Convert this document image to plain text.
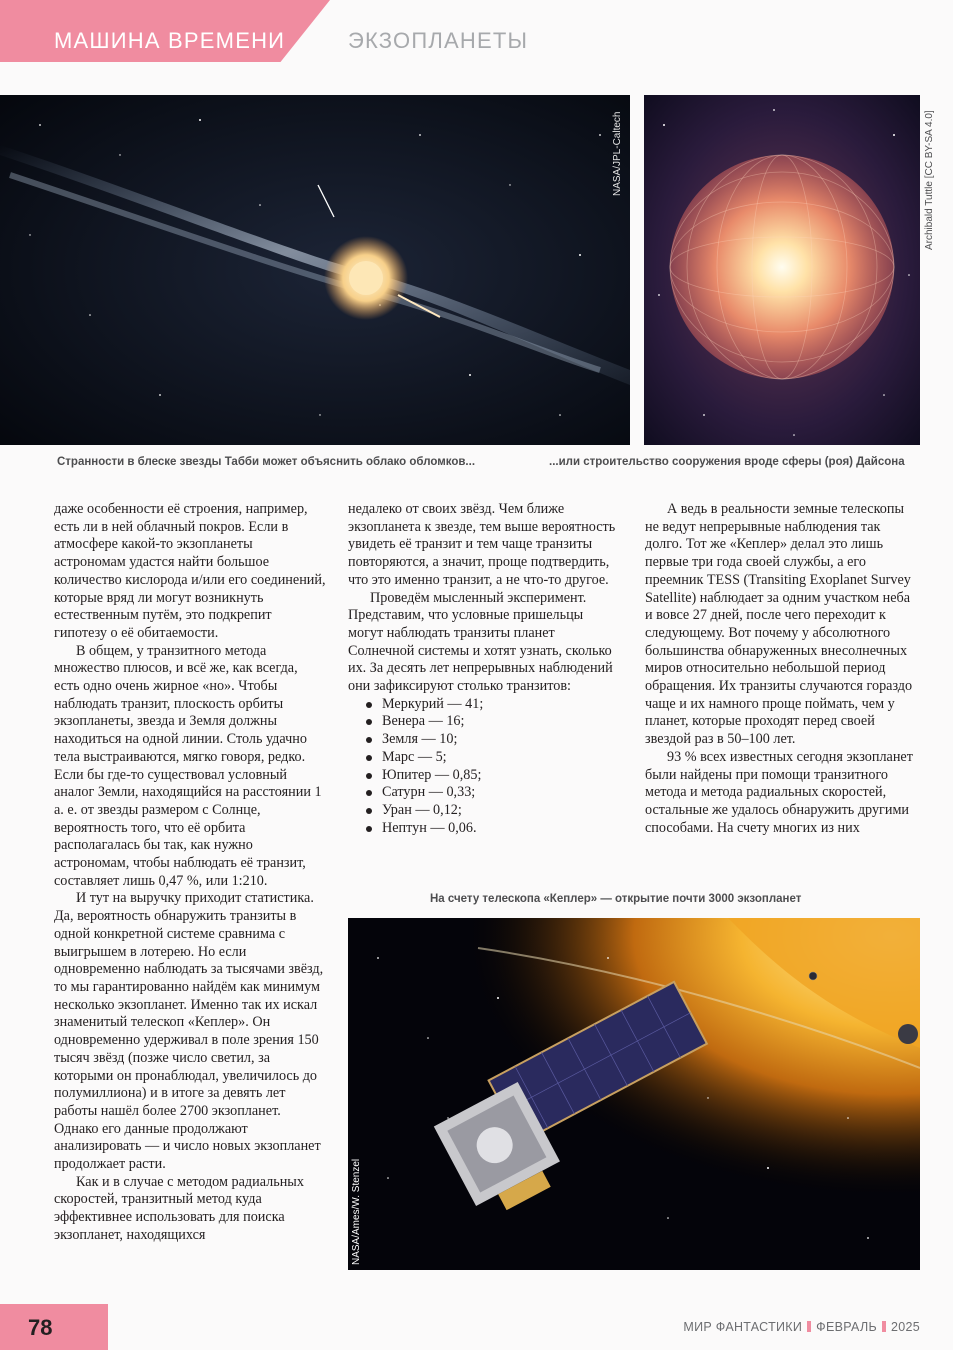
МАШИНА ВРЕМЕНИ	ЭКЗОПЛАНЕТЫ
NASA/JPL-Caltech	Archibald Tuttle [CC BY-SA 4.0]
Странности в блеске звезды Табби может объяснить облако обломков...	...или строительство сооружения вроде сферы (роя) Дайсона

даже особенности её строения, например, есть ли в ней облачный покров. Если в атмосфере какой-то экзопланеты астрономам удастся найти большое количество кислорода и/или его соединений, которые вряд ли могут возникнуть естественным путём, это подкрепит гипотезу о её обитаемости.

В общем, у транзитного метода множество плюсов, и всё же, как всегда, есть одно очень жирное «но». Чтобы наблюдать транзит, плоскость орбиты экзопланеты, звезда и Земля должны находиться на одной линии. Столь удачно тела выстраиваются, мягко говоря, редко. Если бы где-то существовал условный аналог Земли, находящийся на расстоянии 1 а. е. от звезды размером с Солнце, вероятность того, что её орбита располагалась бы так, как нужно астрономам, чтобы наблюдать её транзит, составляет лишь 0,47 %, или 1:210.

И тут на выручку приходит статистика. Да, вероятность обнаружить транзиты в одной конкретной системе сравнима с выигрышем в лотерею. Но если одновременно наблюдать за тысячами звёзд, то мы гарантированно найдём как минимум несколько экзопланет. Именно так их искал знаменитый телескоп «Кеплер». Он одновременно удерживал в поле зрения 150 тысяч звёзд (позже число светил, за которыми он пронаблюдал, увеличилось до полумиллиона) и в итоге за девять лет работы нашёл более 2700 экзопланет. Однако его данные продолжают анализировать — и число новых экзопланет продолжает расти.

Как и в случае с методом радиальных скоростей, транзитный метод куда эффективнее использовать для поиска экзопланет, находящихся

недалеко от своих звёзд. Чем ближе экзопланета к звезде, тем выше вероятность увидеть её транзит и тем чаще транзиты повторяются, а значит, проще подтвердить, что это именно транзит, а не что-то другое.

Проведём мысленный эксперимент. Представим, что условные пришельцы могут наблюдать транзиты планет Солнечной системы и хотят узнать, сколько их. За десять лет непрерывных наблюдений они зафиксируют столько транзитов:

Меркурий — 41;
Венера — 16;
Земля — 10;
Марс — 5;
Юпитер — 0,85;
Сатурн — 0,33;
Уран — 0,12;
Нептун — 0,06.

А ведь в реальности земные телескопы не ведут непрерывные наблюдения так долго. Тот же «Кеплер» делал это лишь первые три года своей службы, а его преемник TESS (Transiting Exoplanet Survey Satellite) наблюдает за одним участком неба и вовсе 27 дней, после чего переходит к следующему. Вот почему у абсолютного большинства обнаруженных внесолнечных миров относительно небольшой период обращения. Их транзиты случаются гораздо чаще и их намного проще поймать, чем у планет, которые проходят перед своей звездой раз в 50–100 лет.

93 % всех известных сегодня экзопланет были найдены при помощи транзитного метода и метода радиальных скоростей, остальные же удалось обнаружить другими способами. На счету многих из них

На счету телескопа «Кеплер» — открытие почти 3000 экзопланет
NASA/Ames/W. Stenzel
78	МИР ФАНТАСТИКИ ФЕВРАЛЬ 2025
